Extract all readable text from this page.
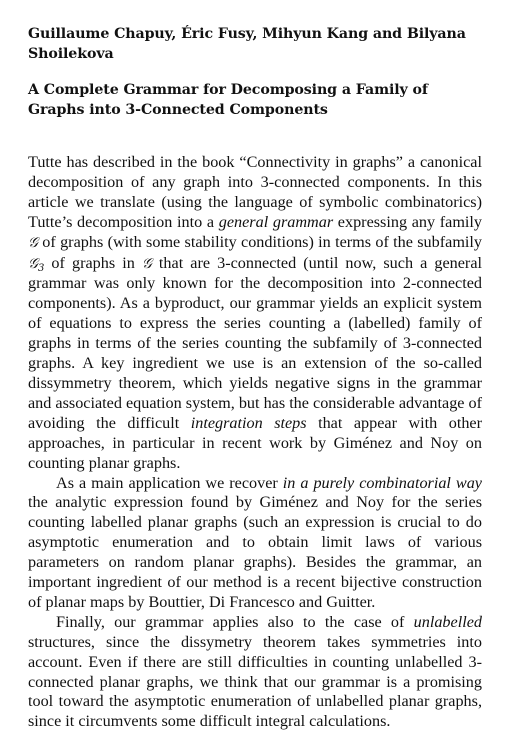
Guillaume Chapuy, Éric Fusy, Mihyun Kang and Bilyana Shoilekova

A Complete Grammar for Decomposing a Family of Graphs into 3-Connected Components

Tutte has described in the book “Connectivity in graphs” a canonical decomposition of any graph into 3-connected components. In this article we translate (using the language of symbolic combinatorics) Tutte’s decomposition into a general grammar expressing any family 𝒢 of graphs (with some stability conditions) in terms of the subfamily 𝒢$_3$ of graphs in 𝒢 that are 3-connected (until now, such a general grammar was only known for the decomposition into 2-connected components). As a byproduct, our grammar yields an explicit system of equations to express the series counting a (labelled) family of graphs in terms of the series counting the subfamily of 3-connected graphs. A key ingredient we use is an extension of the so-called dissymmetry theorem, which yields negative signs in the grammar and associated equation system, but has the considerable advantage of avoiding the difficult integration steps that appear with other approaches, in particular in recent work by Giménez and Noy on counting planar graphs.

As a main application we recover in a purely combinatorial way the analytic expression found by Giménez and Noy for the series counting labelled planar graphs (such an expression is crucial to do asymptotic enumeration and to obtain limit laws of various parameters on random planar graphs). Besides the grammar, an important ingredient of our method is a recent bijective construction of planar maps by Bouttier, Di Francesco and Guitter.

Finally, our grammar applies also to the case of unlabelled structures, since the dissymetry theorem takes symmetries into account. Even if there are still difficulties in counting unlabelled 3-connected planar graphs, we think that our grammar is a promising tool toward the asymptotic enumeration of unlabelled planar graphs, since it circumvents some difficult integral calculations.
